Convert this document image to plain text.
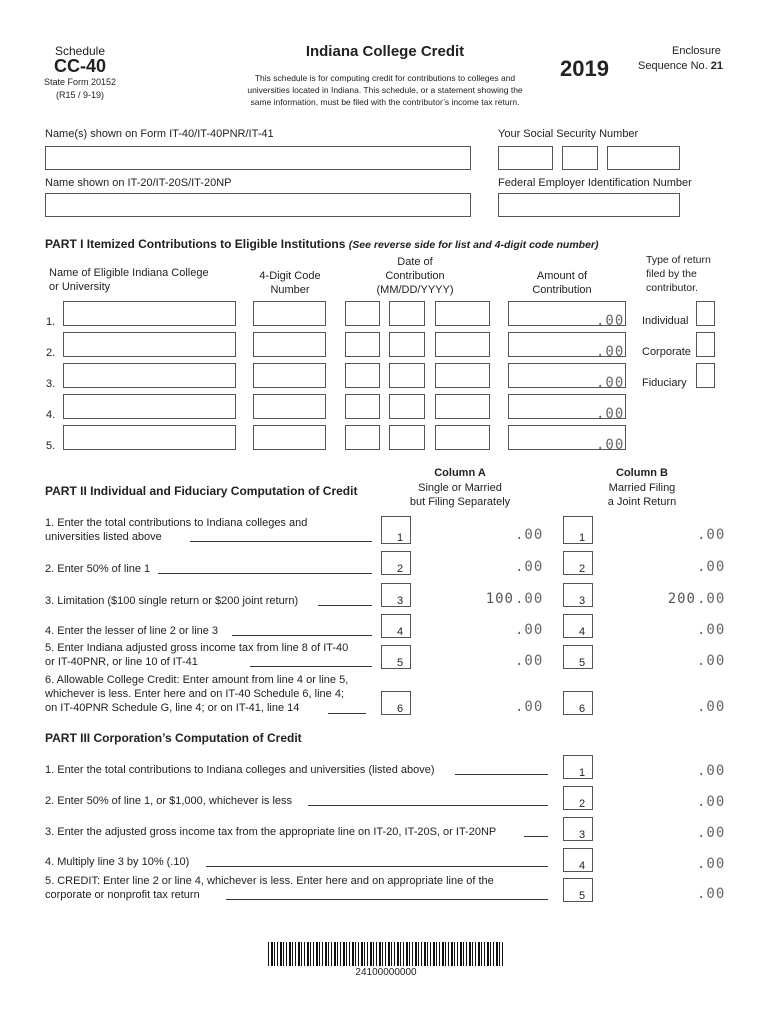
Schedule
CC-40
State Form 20152
(R15 / 9-19)
Indiana College Credit
This schedule is for computing credit for contributions to colleges and
universities located in Indiana. This schedule, or a statement showing the
same information, must be filed with the contributor’s income tax return.
2019
Enclosure
Sequence No. 21
Name(s) shown on Form IT-40/IT-40PNR/IT-41	Your Social Security Number
Name shown on IT-20/IT-20S/IT-20NP	Federal Employer Identification Number
PART I Itemized Contributions to Eligible Institutions (See reverse side for list and 4-digit code number)
Name of Eligible Indiana College
or University
4-Digit Code
Number
Date of
Contribution
(MM/DD/YYYY)
Amount of
Contribution
Type of return
filed by the
contributor.
1.	.00 Individual
2.	.00 Corporate
3.	.00 Fiduciary
4.	.00
5.	.00
Column A
Single or Married
but Filing Separately
Column B
Married Filing
a Joint Return
PART II Individual and Fiduciary Computation of Credit
1. Enter the total contributions to Indiana colleges and
universities listed above	1	.00	1	.00
2. Enter 50% of line 1	2	.00	2	.00
3. Limitation ($100 single return or $200 joint return)	3	100 .00	3	200 .00
4. Enter the lesser of line 2 or line 3	4	.00	4	.00
5. Enter Indiana adjusted gross income tax from line 8 of IT-40
or IT-40PNR, or line 10 of IT-41	5	.00	5	.00
6. Allowable College Credit: Enter amount from line 4 or line 5,
whichever is less. Enter here and on IT-40 Schedule 6, line 4;
on IT-40PNR Schedule G, line 4; or on IT-41, line 14	6	.00	6	.00
PART III Corporation’s Computation of Credit
1. Enter the total contributions to Indiana colleges and universities (listed above)	1	.00
2. Enter 50% of line 1, or $1,000, whichever is less	2	.00
3. Enter the adjusted gross income tax from the appropriate line on IT-20, IT-20S, or IT-20NP	3	.00
4. Multiply line 3 by 10% (.10)	4	.00
5. CREDIT: Enter line 2 or line 4, whichever is less. Enter here and on appropriate line of the
corporate or nonprofit tax return	5	.00
24100000000
